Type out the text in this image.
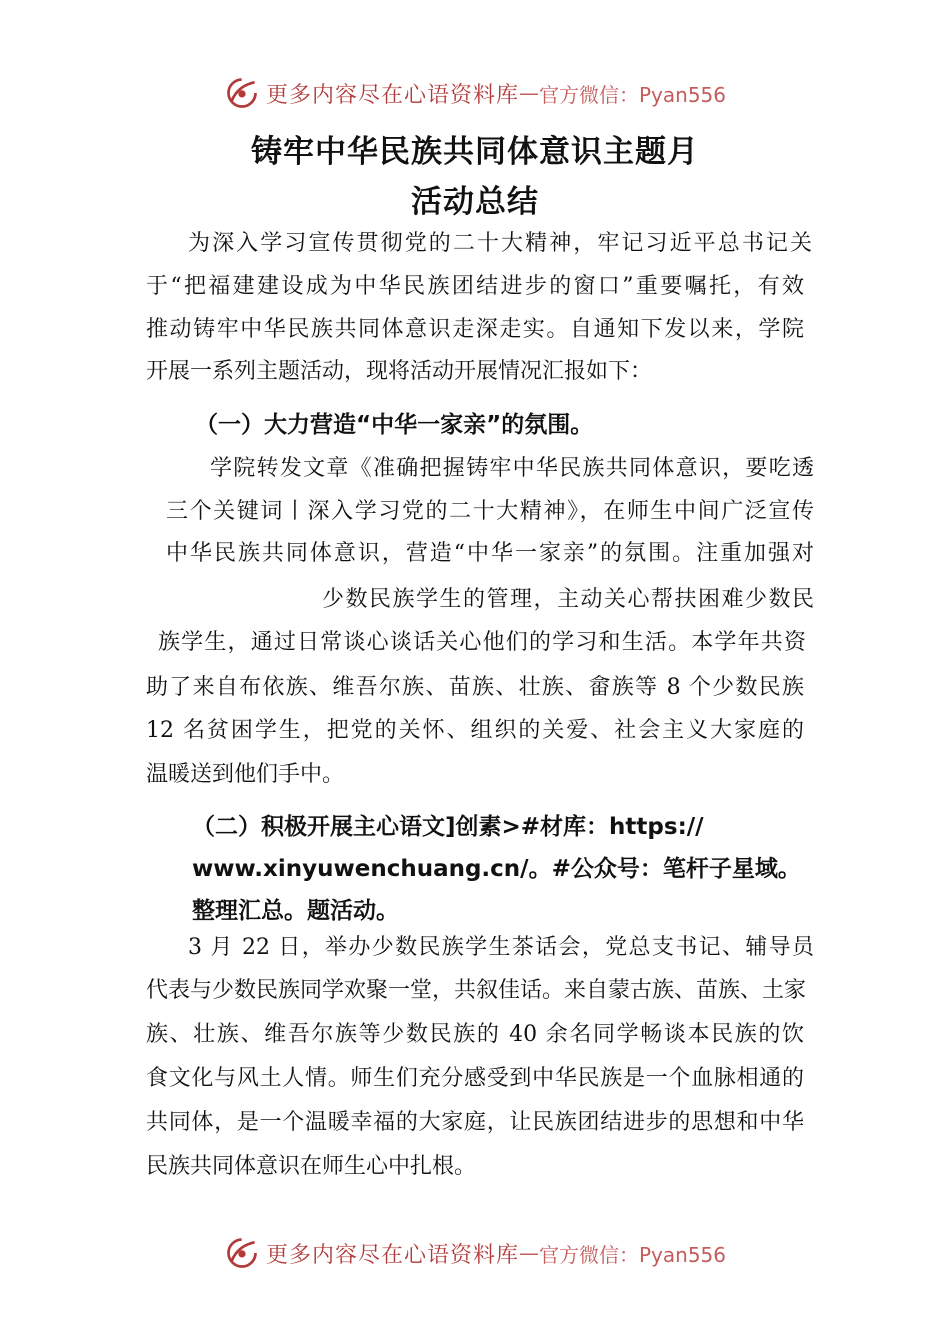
更多内容尽在心语资料库 — 官方微信：Pyan556
铸牢中华民族共同体意识主题月
活动总结
为深入学习宣传贯彻党的二十大精神，牢记习近平总书记关
于“把福建建设成为中华民族团结进步的窗口”重要嘱托，有效
推动铸牢中华民族共同体意识走深走实。自通知下发以来，学院
开展一系列主题活动，现将活动开展情况汇报如下：
（一）大力营造“中华一家亲”的氛围。
学院转发文章《准确把握铸牢中华民族共同体意识，要吃透
三个关键词丨深入学习党的二十大精神》，在师生中间广泛宣传
中华民族共同体意识，营造“中华一家亲”的氛围。注重加强对
少数民族学生的管理，主动关心帮扶困难少数民
族学生，通过日常谈心谈话关心他们的学习和生活。本学年共资
助了来自布依族、维吾尔族、苗族、壮族、畲族等 8 个少数民族
12 名贫困学生，把党的关怀、组织的关爱、社会主义大家庭的
温暖送到他们手中。
（二）积极开展主心语文]创素>#材库：https://
www.xinyuwenchuang.cn/。#公众号：笔杆子星域。
整理汇总。题活动。
3 月 22 日，举办少数民族学生茶话会，党总支书记、辅导员
代表与少数民族同学欢聚一堂，共叙佳话。来自蒙古族、苗族、土家
族、壮族、维吾尔族等少数民族的 40 余名同学畅谈本民族的饮
食文化与风土人情。师生们充分感受到中华民族是一个血脉相通的
共同体，是一个温暖幸福的大家庭，让民族团结进步的思想和中华
民族共同体意识在师生心中扎根。
更多内容尽在心语资料库 — 官方微信：Pyan556
